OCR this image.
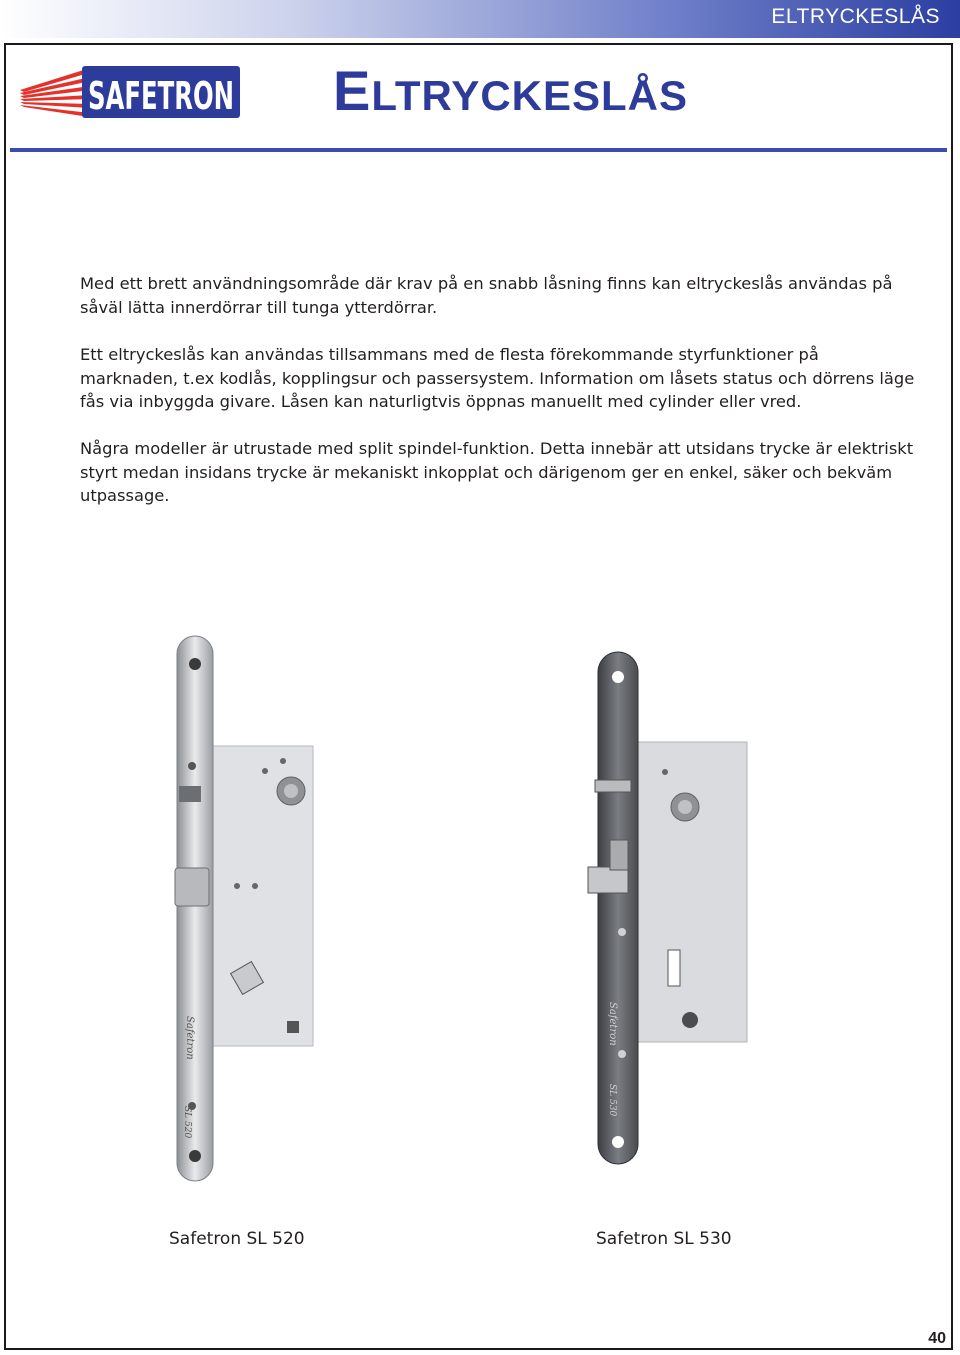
ELTRYCKESLÅS
SAFETRON ELTRYCKESLÅS
Med ett brett användningsområde där krav på en snabb låsning finns kan eltryckeslås användas på såväl lätta innerdörrar till tunga ytterdörrar.
Ett eltryckeslås kan användas tillsammans med de flesta förekommande styrfunktioner på marknaden, t.ex kodlås, kopplingsur och passersystem. Information om låsets status och dörrens läge fås via inbyggda givare. Låsen kan naturligtvis öppnas manuellt med cylinder eller vred.
Några modeller är utrustade med split spindel-funktion. Detta innebär att utsidans trycke är elektriskt styrt medan insidans trycke är mekaniskt inkopplat och därigenom ger en enkel, säker och bekväm utpassage.
Safetron
SL 520
Safetron
SL 530
Safetron SL 520	Safetron SL 530
40
